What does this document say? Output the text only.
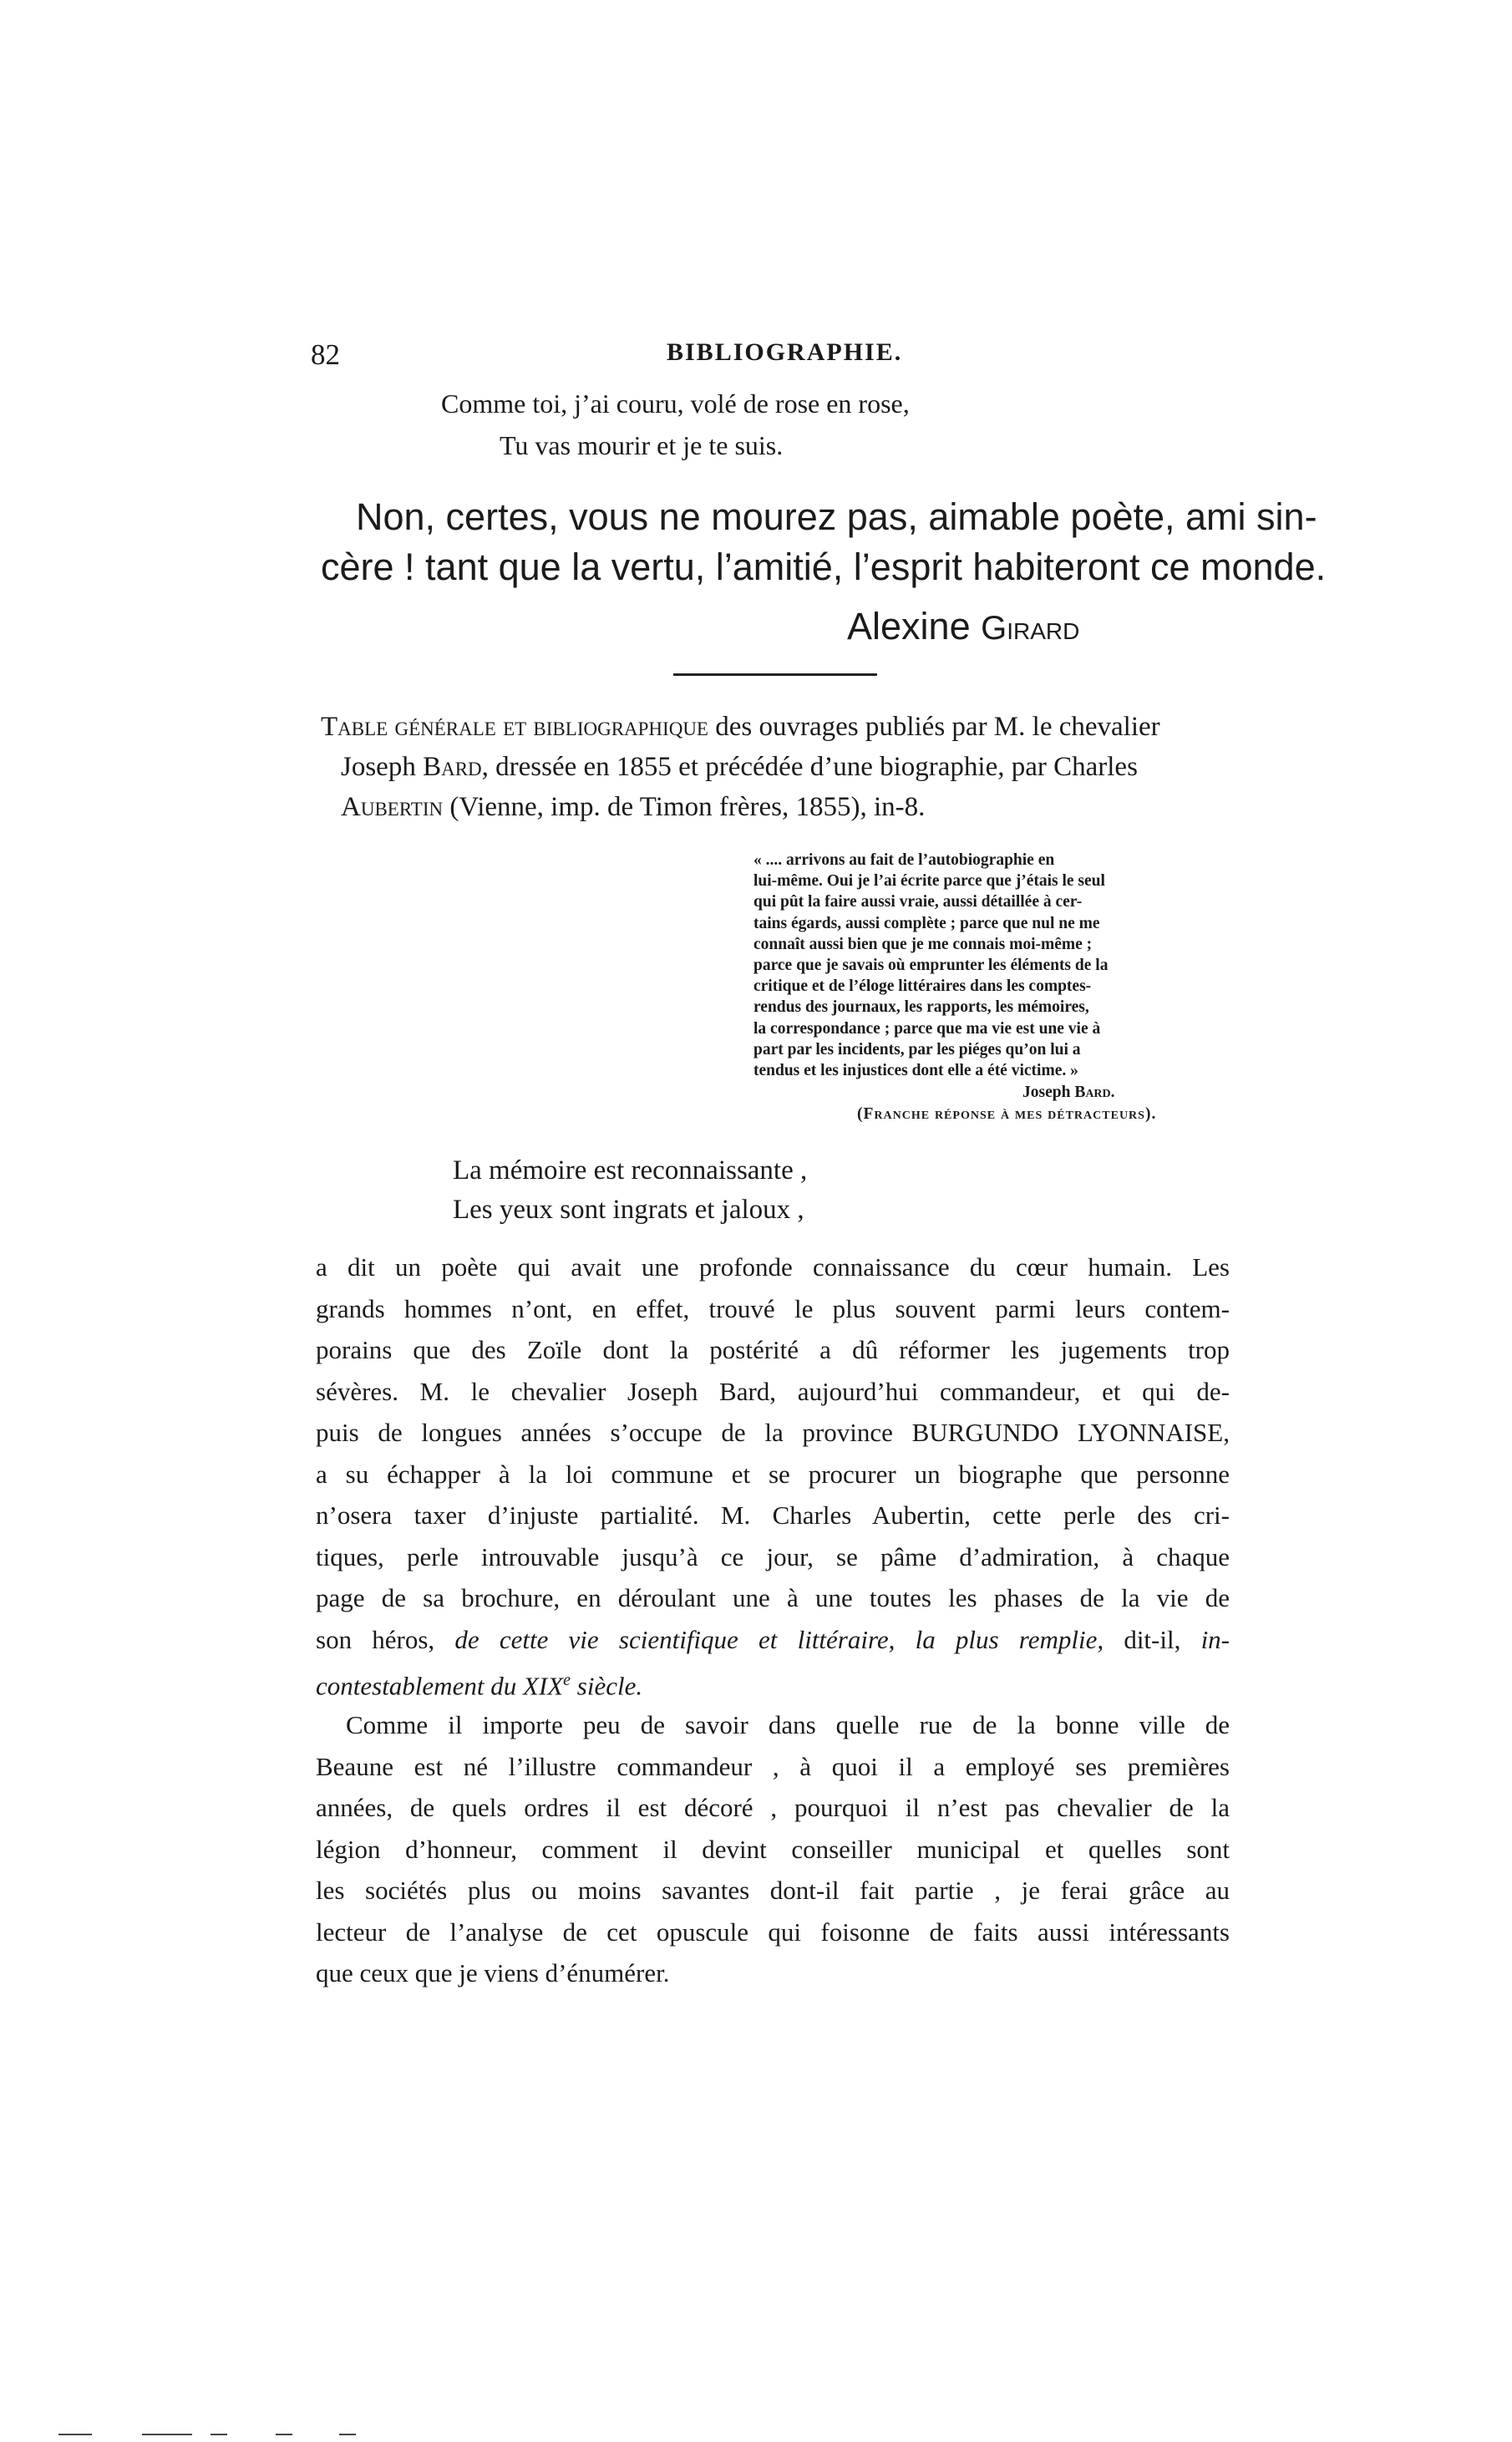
82	BIBLIOGRAPHIE.
Comme toi, j’ai couru, volé de rose en rose,
Tu vas mourir et je te suis.
Non, certes, vous ne mourez pas, aimable poète, ami sin-
cère ! tant que la vertu, l’amitié, l’esprit habiteront ce monde.
Alexine Girard
Table générale et bibliographique des ouvrages publiés par M. le chevalier
Joseph Bard, dressée en 1855 et précédée d’une biographie, par Charles
Aubertin (Vienne, imp. de Timon frères, 1855), in-8.
« .... arrivons au fait de l’autobiographie en
lui-même. Oui je l’ai écrite parce que j’étais le seul
qui pût la faire aussi vraie, aussi détaillée à cer-
tains égards, aussi complète ; parce que nul ne me
connaît aussi bien que je me connais moi-même ;
parce que je savais où emprunter les éléments de la
critique et de l’éloge littéraires dans les comptes-
rendus des journaux, les rapports, les mémoires,
la correspondance ; parce que ma vie est une vie à
part par les incidents, par les piéges qu’on lui a
tendus et les injustices dont elle a été victime. »
Joseph Bard.
(Franche réponse à mes détracteurs).
La mémoire est reconnaissante ,
Les yeux sont ingrats et jaloux ,
a dit un poète qui avait une profonde connaissance du cœur humain. Les
grands hommes n’ont, en effet, trouvé le plus souvent parmi leurs contem-
porains que des Zoïle dont la postérité a dû réformer les jugements trop
sévères. M. le chevalier Joseph Bard, aujourd’hui commandeur, et qui de-
puis de longues années s’occupe de la province BURGUNDO LYONNAISE,
a su échapper à la loi commune et se procurer un biographe que personne
n’osera taxer d’injuste partialité. M. Charles Aubertin, cette perle des cri-
tiques, perle introuvable jusqu’à ce jour, se pâme d’admiration, à chaque
page de sa brochure, en déroulant une à une toutes les phases de la vie de
son héros, de cette vie scientifique et littéraire, la plus remplie, dit-il, in-
contestablement du XIXe siècle.
Comme il importe peu de savoir dans quelle rue de la bonne ville de
Beaune est né l’illustre commandeur , à quoi il a employé ses premières
années, de quels ordres il est décoré , pourquoi il n’est pas chevalier de la
légion d’honneur, comment il devint conseiller municipal et quelles sont
les sociétés plus ou moins savantes dont-il fait partie , je ferai grâce au
lecteur de l’analyse de cet opuscule qui foisonne de faits aussi intéressants
que ceux que je viens d’énumérer.
